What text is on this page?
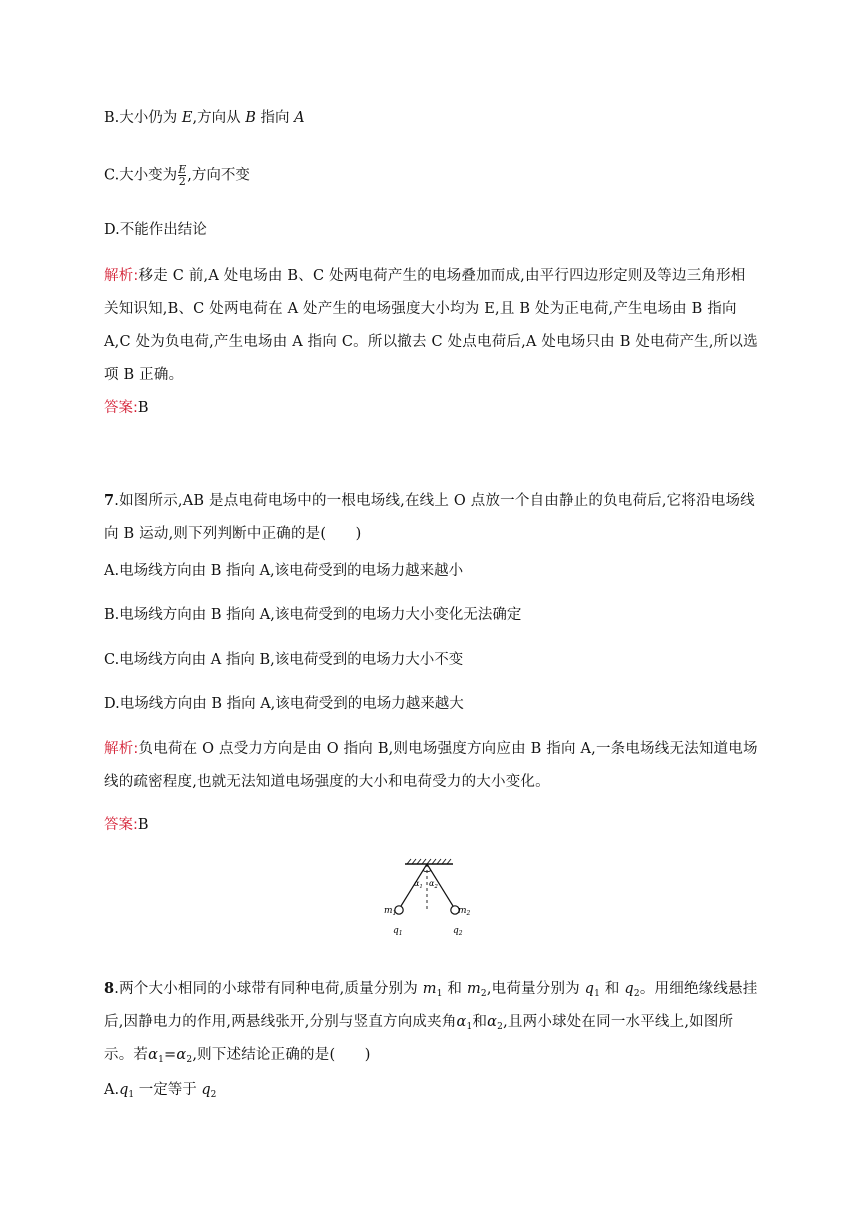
B.大小仍为 E,方向从 B 指向 A
C.大小变为$\frac{E}{2}$ ,方向不变
D.不能作出结论
解析:移走 C 前,A 处电场由 B、C 处两电荷产生的电场叠加而成,由平行四边形定则及等边三角形相关知识知,B、C 处两电荷在 A 处产生的电场强度大小均为 E,且 B 处为正电荷,产生电场由 B 指向 A,C 处为负电荷,产生电场由 A 指向 C。所以撤去 C 处点电荷后,A 处电场只由 B 处电荷产生,所以选项 B 正确。
答案:B
7.如图所示,AB 是点电荷电场中的一根电场线,在线上 O 点放一个自由静止的负电荷后,它将沿电场线向 B 运动,则下列判断中正确的是(　　)
A.电场线方向由 B 指向 A,该电荷受到的电场力越来越小
B.电场线方向由 B 指向 A,该电荷受到的电场力大小变化无法确定
C.电场线方向由 A 指向 B,该电荷受到的电场力大小不变
D.电场线方向由 B 指向 A,该电荷受到的电场力越来越大
解析:负电荷在 O 点受力方向是由 O 指向 B,则电场强度方向应由 B 指向 A,一条电场线无法知道电场线的疏密程度,也就无法知道电场强度的大小和电荷受力的大小变化。
答案:B
$\alpha_1$ $\alpha_2$
$m_1$	$m_2$
$q_1$	$q_2$
8.两个大小相同的小球带有同种电荷,质量分别为 $m_1$ 和 $m_2$,电荷量分别为 $q_1$ 和 $q_2$。用细绝缘线悬挂后,因静电力的作用,两悬线张开,分别与竖直方向成夹角$\alpha_1$和$\alpha_2$,且两小球处在同一水平线上,如图所示。若$\alpha_1=\alpha_2$,则下述结论正确的是(　　)
$A.q_1$ 一定等于 $q_2$
